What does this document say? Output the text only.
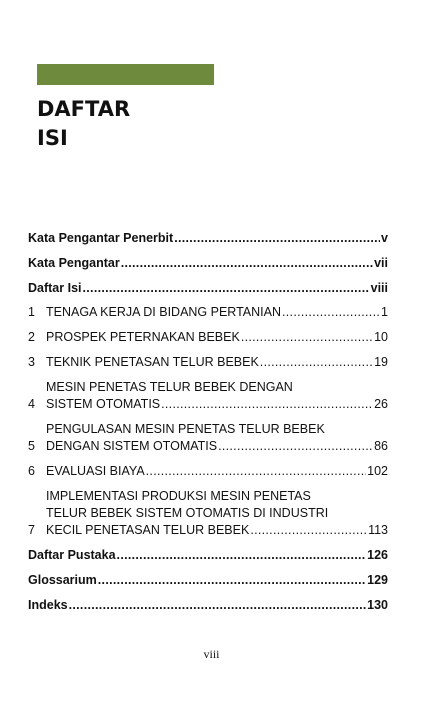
DAFTAR
ISI
Kata Pengantar Penerbit .....	v
Kata Pengantar .....	vii
Daftar Isi .....	viii
1 TENAGA KERJA DI BIDANG PERTANIAN .....	1
2 PROSPEK PETERNAKAN BEBEK .....	10
3 TEKNIK PENETASAN TELUR BEBEK .....	19
4
MESIN PENETAS TELUR BEBEK DENGAN
SISTEM OTOMATIS .....	26
5
PENGULASAN MESIN PENETAS TELUR BEBEK
DENGAN SISTEM OTOMATIS .....	86
6 EVALUASI BIAYA .....	102
7
IMPLEMENTASI PRODUKSI MESIN PENETAS
TELUR BEBEK SISTEM OTOMATIS DI INDUSTRI
KECIL PENETASAN TELUR BEBEK .....	113
Daftar Pustaka .....	126
Glossarium .....	129
Indeks .....	130
viii
